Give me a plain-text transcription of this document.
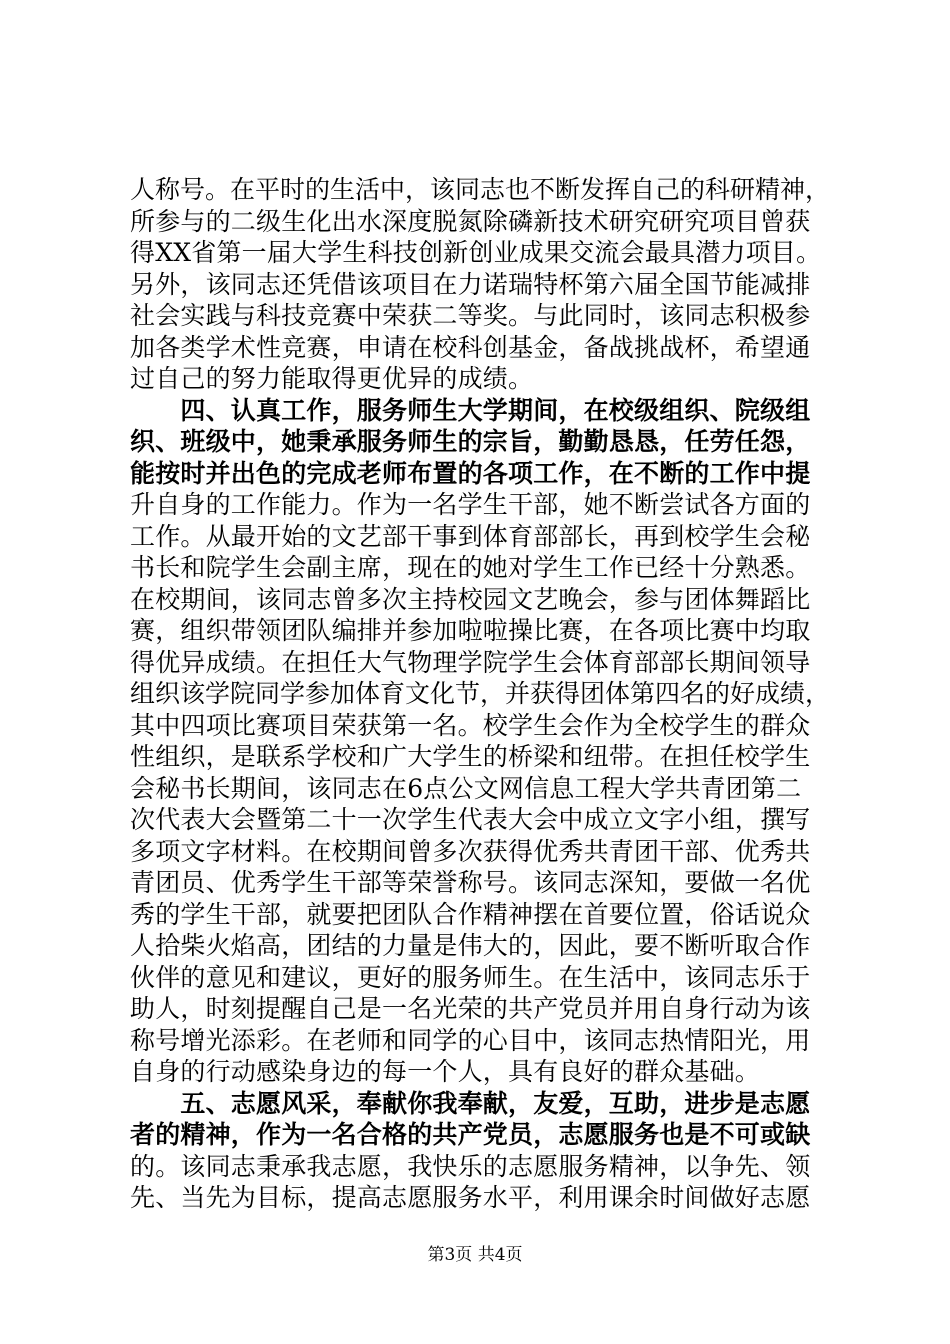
人称号。在平时的生活中，该同志也不断发挥自己的科研精神，
所参与的二级生化出水深度脱氮除磷新技术研究研究项目曾获
得XX省第一届大学生科技创新创业成果交流会最具潜力项目。
另外，该同志还凭借该项目在力诺瑞特杯第六届全国节能减排
社会实践与科技竞赛中荣获二等奖。与此同时，该同志积极参
加各类学术性竞赛，申请在校科创基金，备战挑战杯，希望通
过自己的努力能取得更优异的成绩。
　　四、认真工作，服务师生大学期间，在校级组织、院级组
织、班级中，她秉承服务师生的宗旨，勤勤恳恳，任劳任怨，
能按时并出色的完成老师布置的各项工作，在不断的工作中提
升自身的工作能力。作为一名学生干部，她不断尝试各方面的
工作。从最开始的文艺部干事到体育部部长，再到校学生会秘
书长和院学生会副主席，现在的她对学生工作已经十分熟悉。
在校期间，该同志曾多次主持校园文艺晚会，参与团体舞蹈比
赛，组织带领团队编排并参加啦啦操比赛，在各项比赛中均取
得优异成绩。在担任大气物理学院学生会体育部部长期间领导
组织该学院同学参加体育文化节，并获得团体第四名的好成绩，
其中四项比赛项目荣获第一名。校学生会作为全校学生的群众
性组织，是联系学校和广大学生的桥梁和纽带。在担任校学生
会秘书长期间，该同志在6点公文网信息工程大学共青团第二
次代表大会暨第二十一次学生代表大会中成立文字小组，撰写
多项文字材料。在校期间曾多次获得优秀共青团干部、优秀共
青团员、优秀学生干部等荣誉称号。该同志深知，要做一名优
秀的学生干部，就要把团队合作精神摆在首要位置，俗话说众
人拾柴火焰高，团结的力量是伟大的，因此，要不断听取合作
伙伴的意见和建议，更好的服务师生。在生活中，该同志乐于
助人，时刻提醒自己是一名光荣的共产党员并用自身行动为该
称号增光添彩。在老师和同学的心目中，该同志热情阳光，用
自身的行动感染身边的每一个人，具有良好的群众基础。
　　五、志愿风采，奉献你我奉献，友爱，互助，进步是志愿
者的精神，作为一名合格的共产党员，志愿服务也是不可或缺
的。该同志秉承我志愿，我快乐的志愿服务精神，以争先、领
先、当先为目标，提高志愿服务水平，利用课余时间做好志愿
第3页 共4页
